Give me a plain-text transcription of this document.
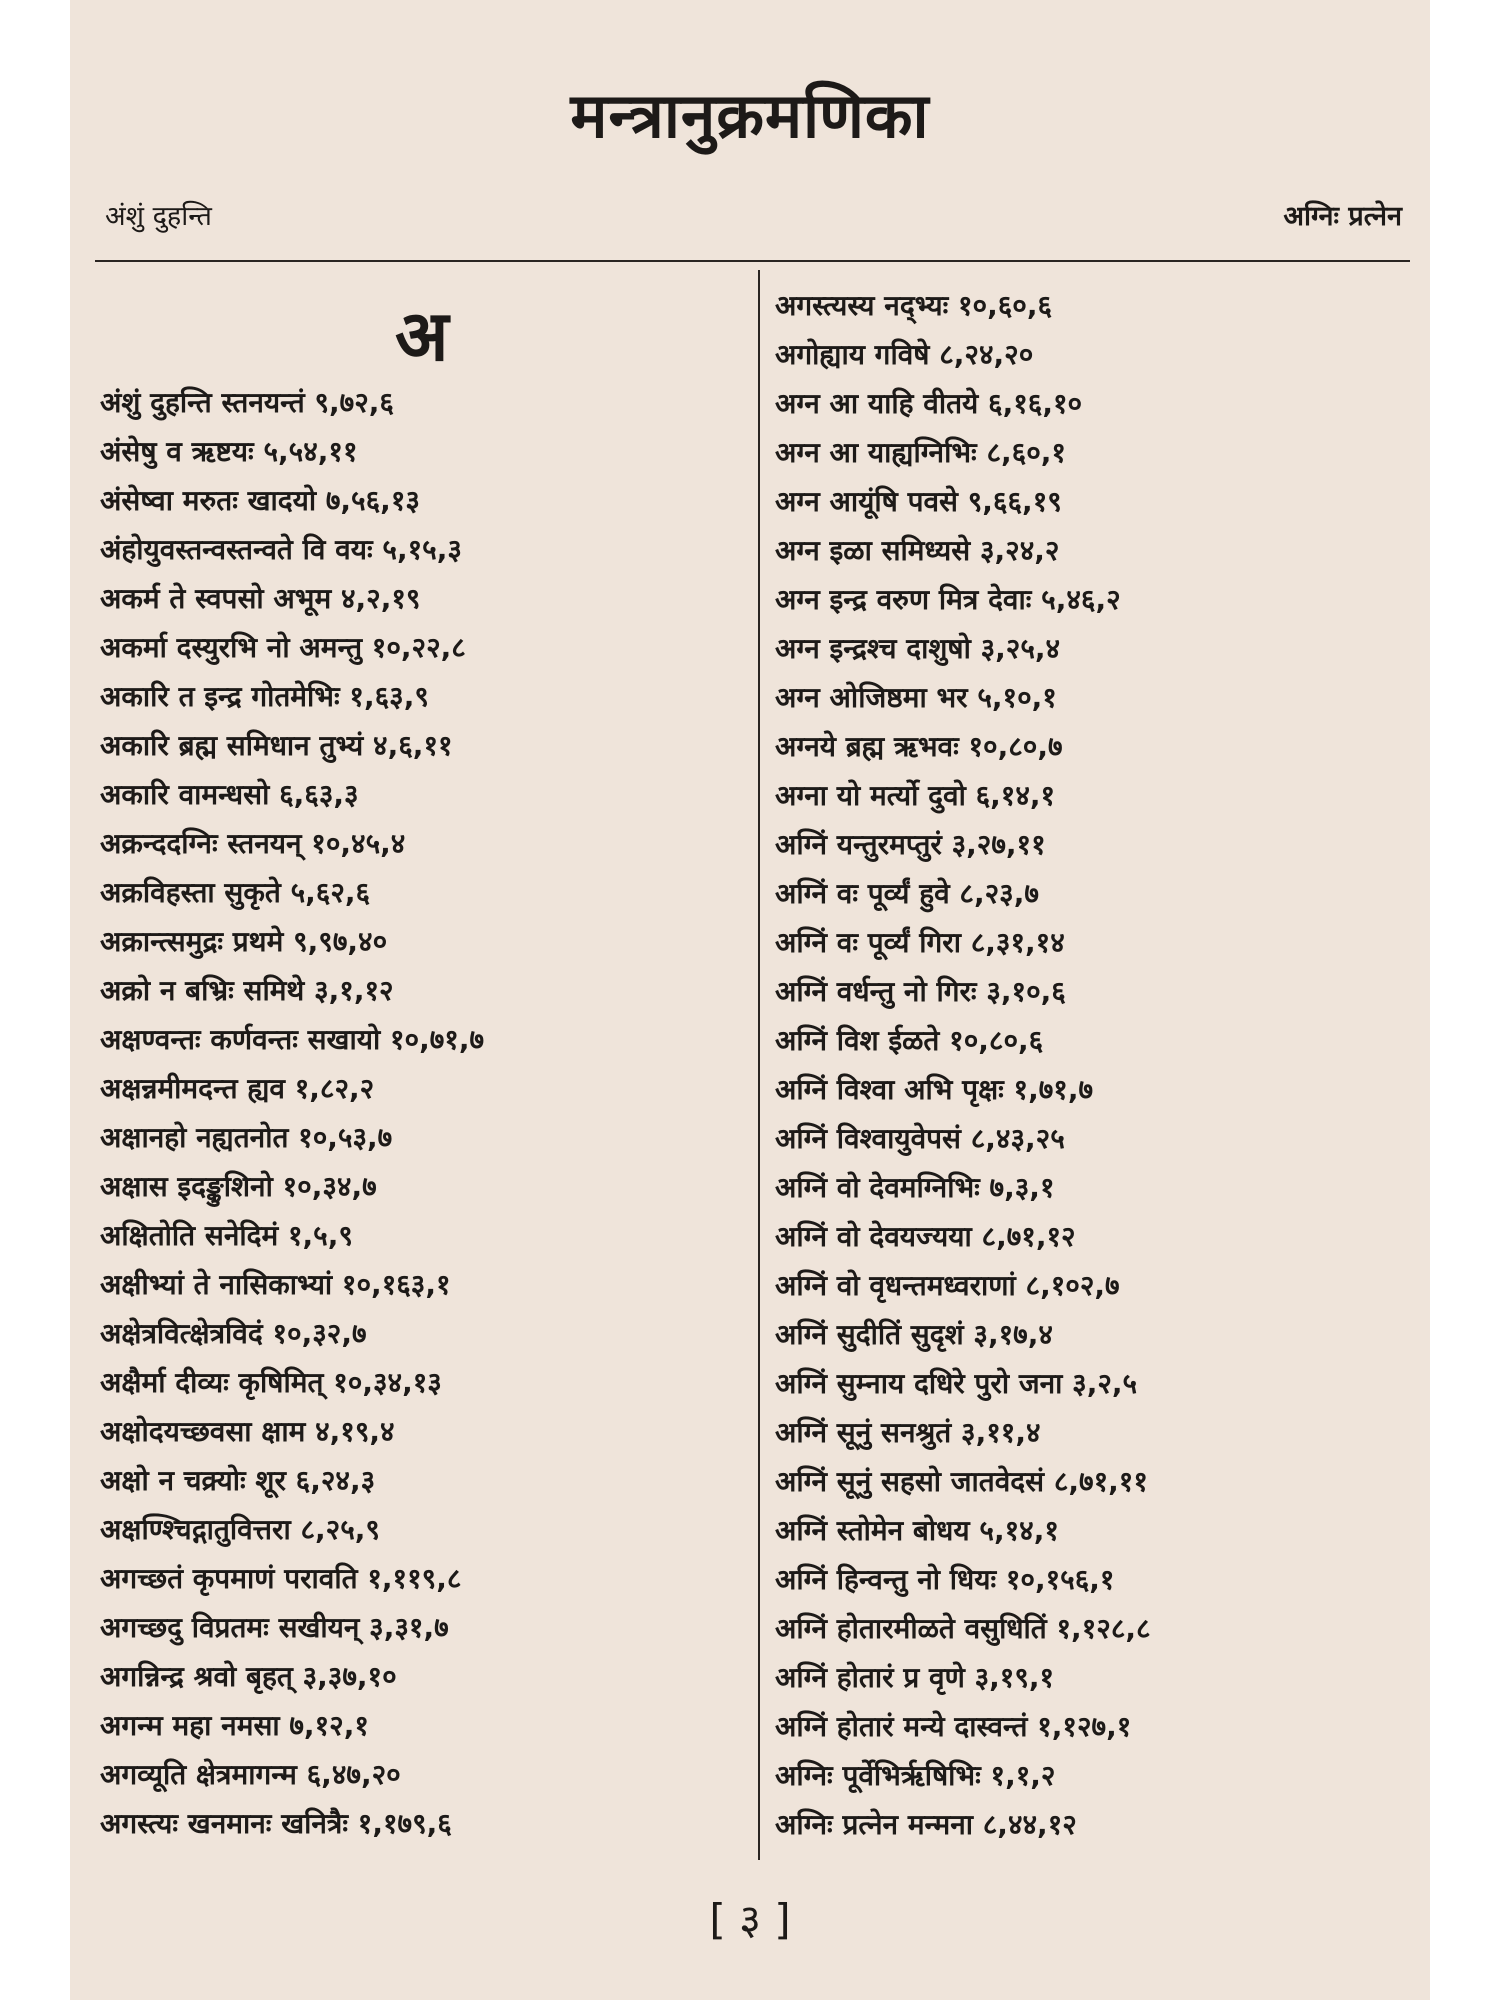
मन्त्रानुक्रमणिका
अंशुं दुहन्ति	अग्निः प्रत्नेन
अ
अंशुं दुहन्ति स्तनयन्तं ९,७२,६
अंसेषु व ऋष्टयः ५,५४,११
अंसेष्वा मरुतः खादयो ७,५६,१३
अंहोयुवस्तन्वस्तन्वते वि वयः ५,१५,३
अकर्म ते स्वपसो अभूम ४,२,१९
अकर्मा दस्युरभि नो अमन्तु १०,२२,८
अकारि त इन्द्र गोतमेभिः १,६३,९
अकारि ब्रह्म समिधान तुभ्यं ४,६,११
अकारि वामन्धसो ६,६३,३
अक्रन्ददग्निः स्तनयन् १०,४५,४
अक्रविहस्ता सुकृते ५,६२,६
अक्रान्त्समुद्रः प्रथमे ९,९७,४०
अक्रो न बभ्रिः समिथे ३,१,१२
अक्षण्वन्तः कर्णवन्तः सखायो १०,७१,७
अक्षन्नमीमदन्त ह्यव १,८२,२
अक्षानहो नह्यतनोत १०,५३,७
अक्षास इदङ्कुशिनो १०,३४,७
अक्षितोति सनेदिमं १,५,९
अक्षीभ्यां ते नासिकाभ्यां १०,१६३,१
अक्षेत्रवित्क्षेत्रविदं १०,३२,७
अक्षैर्मा दीव्यः कृषिमित् १०,३४,१३
अक्षोदयच्छवसा क्षाम ४,१९,४
अक्षो न चक्र्योः शूर ६,२४,३
अक्षण्श्चिद्गातुवित्तरा ८,२५,९
अगच्छतं कृपमाणं परावति १,११९,८
अगच्छदु विप्रतमः सखीयन् ३,३१,७
अगन्निन्द्र श्रवो बृहत् ३,३७,१०
अगन्म महा नमसा ७,१२,१
अगव्यूति क्षेत्रमागन्म ६,४७,२०
अगस्त्यः खनमानः खनित्रैः १,१७९,६
अगस्त्यस्य नद्भ्यः १०,६०,६
अगोह्याय गविषे ८,२४,२०
अग्न आ याहि वीतये ६,१६,१०
अग्न आ याह्यग्निभिः ८,६०,१
अग्न आयूंषि पवसे ९,६६,१९
अग्न इळा समिध्यसे ३,२४,२
अग्न इन्द्र वरुण मित्र देवाः ५,४६,२
अग्न इन्द्रश्च दाशुषो ३,२५,४
अग्न ओजिष्ठमा भर ५,१०,१
अग्नये ब्रह्म ऋभवः १०,८०,७
अग्ना यो मर्त्यो दुवो ६,१४,१
अग्निं यन्तुरमप्तुरं ३,२७,११
अग्निं वः पूर्व्यं हुवे ८,२३,७
अग्निं वः पूर्व्यं गिरा ८,३१,१४
अग्निं वर्धन्तु नो गिरः ३,१०,६
अग्निं विश ईळते १०,८०,६
अग्निं विश्वा अभि पृक्षः १,७१,७
अग्निं विश्वायुवेपसं ८,४३,२५
अग्निं वो देवमग्निभिः ७,३,१
अग्निं वो देवयज्यया ८,७१,१२
अग्निं वो वृधन्तमध्वराणां ८,१०२,७
अग्निं सुदीतिं सुदृशं ३,१७,४
अग्निं सुम्नाय दधिरे पुरो जना ३,२,५
अग्निं सूनुं सनश्रुतं ३,११,४
अग्निं सूनुं सहसो जातवेदसं ८,७१,११
अग्निं स्तोमेन बोधय ५,१४,१
अग्निं हिन्वन्तु नो धियः १०,१५६,१
अग्निं होतारमीळते वसुधितिं १,१२८,८
अग्निं होतारं प्र वृणे ३,१९,१
अग्निं होतारं मन्ये दास्वन्तं १,१२७,१
अग्निः पूर्वेभिर्ऋषिभिः १,१,२
अग्निः प्रत्नेन मन्मना ८,४४,१२
[ ३ ]
